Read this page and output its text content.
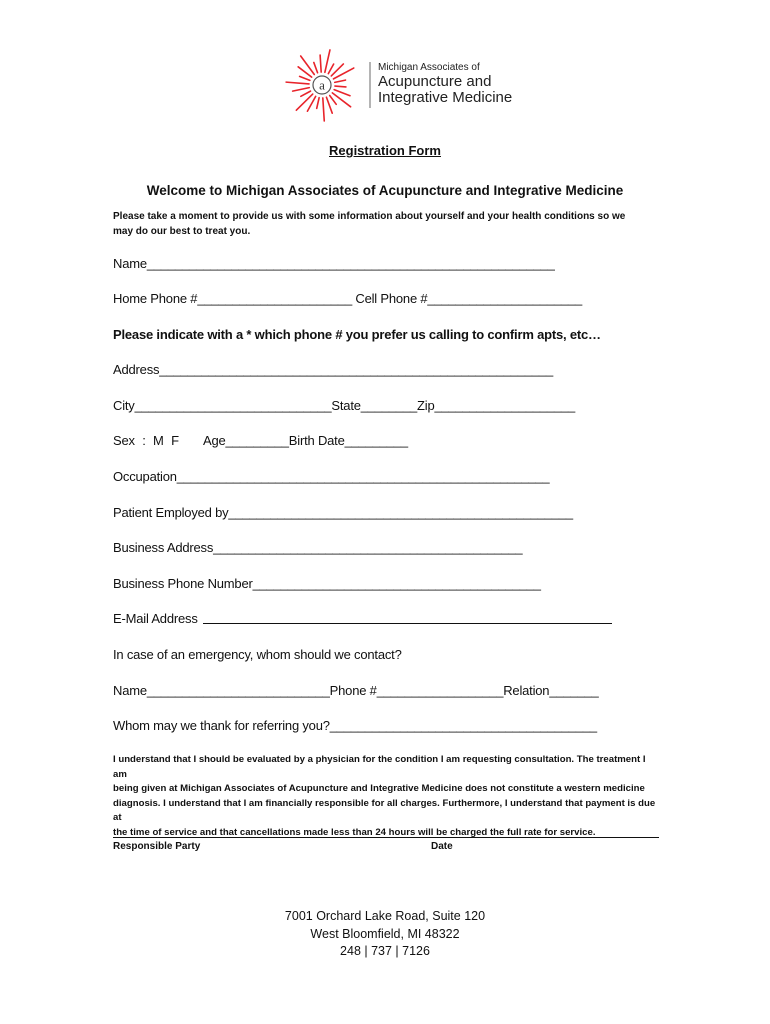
a
Michigan Associates of
Acupuncture and
Integrative Medicine
Registration Form
Welcome to Michigan Associates of Acupuncture and Integrative Medicine
Please take a moment to provide us with some information about yourself and your health conditions so we
may do our best to treat you.
Name__________________________________________________________
Home Phone #______________________ Cell Phone #______________________
Please indicate with a * which phone # you prefer us calling to confirm apts, etc…
Address________________________________________________________
City____________________________State________Zip____________________
Sex : M F Age_________Birth Date_________
Occupation_____________________________________________________
Patient Employed by_________________________________________________
Business Address____________________________________________
Business Phone Number_________________________________________
E-Mail Address
In case of an emergency, whom should we contact?
Name__________________________Phone #__________________Relation_______
Whom may we thank for referring you?______________________________________
I understand that I should be evaluated by a physician for the condition I am requesting consultation. The treatment I am
being given at Michigan Associates of Acupuncture and Integrative Medicine does not constitute a western medicine
diagnosis. I understand that I am financially responsible for all charges. Furthermore, I understand that payment is due at
the time of service and that cancellations made less than 24 hours will be charged the full rate for service.
Responsible Party	Date
7001 Orchard Lake Road, Suite 120
West Bloomfield, MI 48322
248 | 737 | 7126
